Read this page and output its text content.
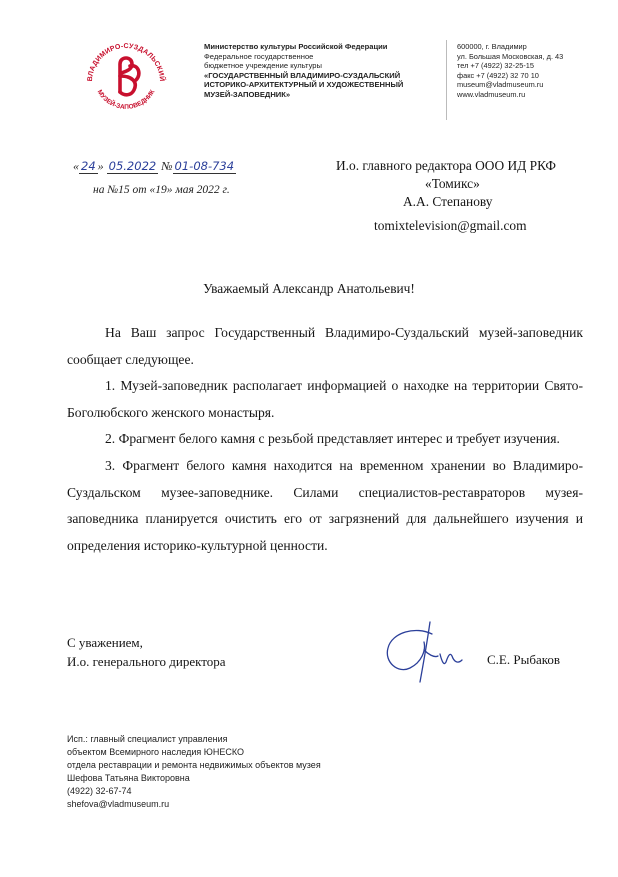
ВЛАДИМИРО-СУЗДАЛЬСКИЙ
МУЗЕЙ-ЗАПОВЕДНИК
Министерство культуры Российской Федерации
Федеральное государственное
бюджетное учреждение культуры
«ГОСУДАРСТВЕННЫЙ ВЛАДИМИРО-СУЗДАЛЬСКИЙ
ИСТОРИКО-АРХИТЕКТУРНЫЙ И ХУДОЖЕСТВЕННЫЙ
МУЗЕЙ-ЗАПОВЕДНИК»
600000, г. Владимир
ул. Большая Московская, д. 43
тел +7 (4922) 32-25-15
факс +7 (4922) 32 70 10
museum@vladmuseum.ru
www.vladmuseum.ru
« 24 » 05.2022 № 01-08-734
на №15 от «19» мая 2022 г.
И.о. главного редактора ООО ИД РКФ
«Томикс»
А.А. Степанову
tomixtelevision@gmail.com
Уважаемый Александр Анатольевич!

На Ваш запрос Государственный Владимиро-Суздальский музей-заповедник сообщает следующее.

1. Музей-заповедник располагает информацией о находке на территории Свято-Боголюбского женского монастыря.

2. Фрагмент белого камня с резьбой представляет интерес и требует изучения.

3. Фрагмент белого камня находится на временном хранении во Владимиро-Суздальском музее-заповеднике. Силами специалистов-реставраторов музея-заповедника планируется очистить его от загрязнений для дальнейшего изучения и определения историко-культурной ценности.

С уважением,
И.о. генерального директора	С.Е. Рыбаков
Исп.: главный специалист управления
объектом Всемирного наследия ЮНЕСКО
отдела реставрации и ремонта недвижимых объектов музея
Шефова Татьяна Викторовна
(4922) 32-67-74
shefova@vladmuseum.ru
